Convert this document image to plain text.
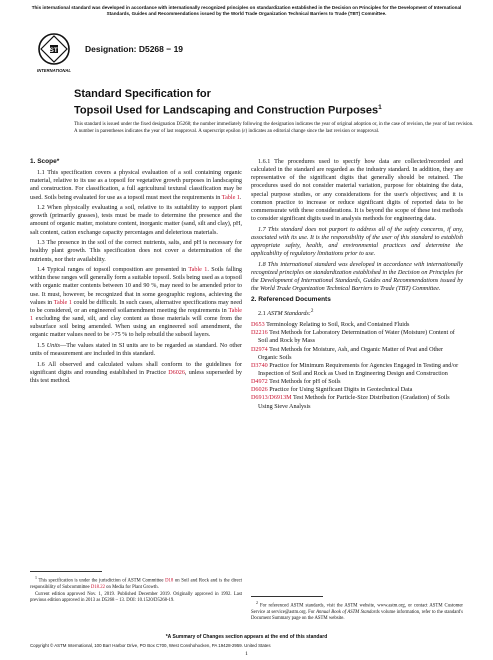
This international standard was developed in accordance with internationally recognized principles on standardization established in the Decision on Principles for the Development of International Standards, Guides and Recommendations issued by the World Trade Organization Technical Barriers to Trade (TBT) Committee.
ASTM
INTERNATIONAL
Designation: D5268 − 19
Standard Specification for
Topsoil Used for Landscaping and Construction Purposes$^1$
This standard is issued under the fixed designation D5268; the number immediately following the designation indicates the year of original adoption or, in the case of revision, the year of last revision. A number in parentheses indicates the year of last reapproval. A superscript epsilon (ε) indicates an editorial change since the last revision or reapproval.
1. Scope*

1.1 This specification covers a physical evaluation of a soil containing organic material, relative to its use as a topsoil for vegetative growth purposes in landscaping and construction. For classification, a full agricultural textural classification may be used. Soils being evaluated for use as a topsoil must meet the requirements in Table 1.

1.2 When physically evaluating a soil, relative to its suitability to support plant growth (primarily grasses), tests must be made to determine the presence and the amount of organic matter, moisture content, inorganic matter (sand, silt and clay), pH, salt content, cation exchange capacity percentages and deleterious materials.

1.3 The presence in the soil of the correct nutrients, salts, and pH is necessary for healthy plant growth. This specification does not cover a determination of the nutrients, nor their availability.

1.4 Typical ranges of topsoil composition are presented in Table 1. Soils falling within these ranges will generally form a suitable topsoil. Soils being used as a topsoil with organic matter contents between 10 and 90 %, may need to be amended prior to use. It must, however, be recognized that in some geographic regions, achieving the values in Table 1 could be difficult. In such cases, alternative specifications may need to be considered, or an engineered soilamendment meeting the requirements in Table 1 excluding the sand, silt, and clay content as those materials will come from the subsurface soil being amended. When using an engineered soil amendment, the organic matter values need to be >75 % to help rebuild the subsoil layers.

1.5 Units—The values stated in SI units are to be regarded as standard. No other units of measurement are included in this standard.

1.6 All observed and calculated values shall conform to the guidelines for significant digits and rounding established in Practice D6026, unless superseded by this test method.

1.6.1 The procedures used to specify how data are collected/recorded and calculated in the standard are regarded as the industry standard. In addition, they are representative of the significant digits that generally should be retained. The procedures used do not consider material variation, purpose for obtaining the data, special purpose studies, or any considerations for the user's objectives; and it is common practice to increase or reduce significant digits of reported data to be commensurate with these considerations. It is beyond the scope of these test methods to consider significant digits used in analysis methods for engineering data.

1.7 This standard does not purport to address all of the safety concerns, if any, associated with its use. It is the responsibility of the user of this standard to establish appropriate safety, health, and environmental practices and determine the applicability of regulatory limitations prior to use.

1.8 This international standard was developed in accordance with internationally recognized principles on standardization established in the Decision on Principles for the Development of International Standards, Guides and Recommendations issued by the World Trade Organization Technical Barriers to Trade (TBT) Committee.

2. Referenced Documents

2.1 ASTM Standards:$^2$

D653 Terminology Relating to Soil, Rock, and Contained Fluids
D2216 Test Methods for Laboratory Determination of Water (Moisture) Content of Soil and Rock by Mass
D2974 Test Methods for Moisture, Ash, and Organic Matter of Peat and Other Organic Soils
D3740 Practice for Minimum Requirements for Agencies Engaged in Testing and/or Inspection of Soil and Rock as Used in Engineering Design and Construction
D4972 Test Methods for pH of Soils
D6026 Practice for Using Significant Digits in Geotechnical Data
D6913/D6913M Test Methods for Particle-Size Distribution (Gradation) of Soils Using Sieve Analysis

$^1$ This specification is under the jurisdiction of ASTM Committee D18 on Soil and Rock and is the direct responsibility of Subcommittee D18.22 on Media for Plant Growth.

Current edition approved Nov. 1, 2019. Published December 2019. Originally approved in 1992. Last previous edition approved in 2013 as D5268 – 13. DOI: 10.1520/D5268-19.	$^2$ For referenced ASTM standards, visit the ASTM website, www.astm.org, or contact ASTM Customer Service at service@astm.org. For Annual Book of ASTM Standards volume information, refer to the standard's Document Summary page on the ASTM website.

*A Summary of Changes section appears at the end of this standard
Copyright © ASTM International, 100 Barr Harbor Drive, PO Box C700, West Conshohocken, PA 19428-2959. United States
1
